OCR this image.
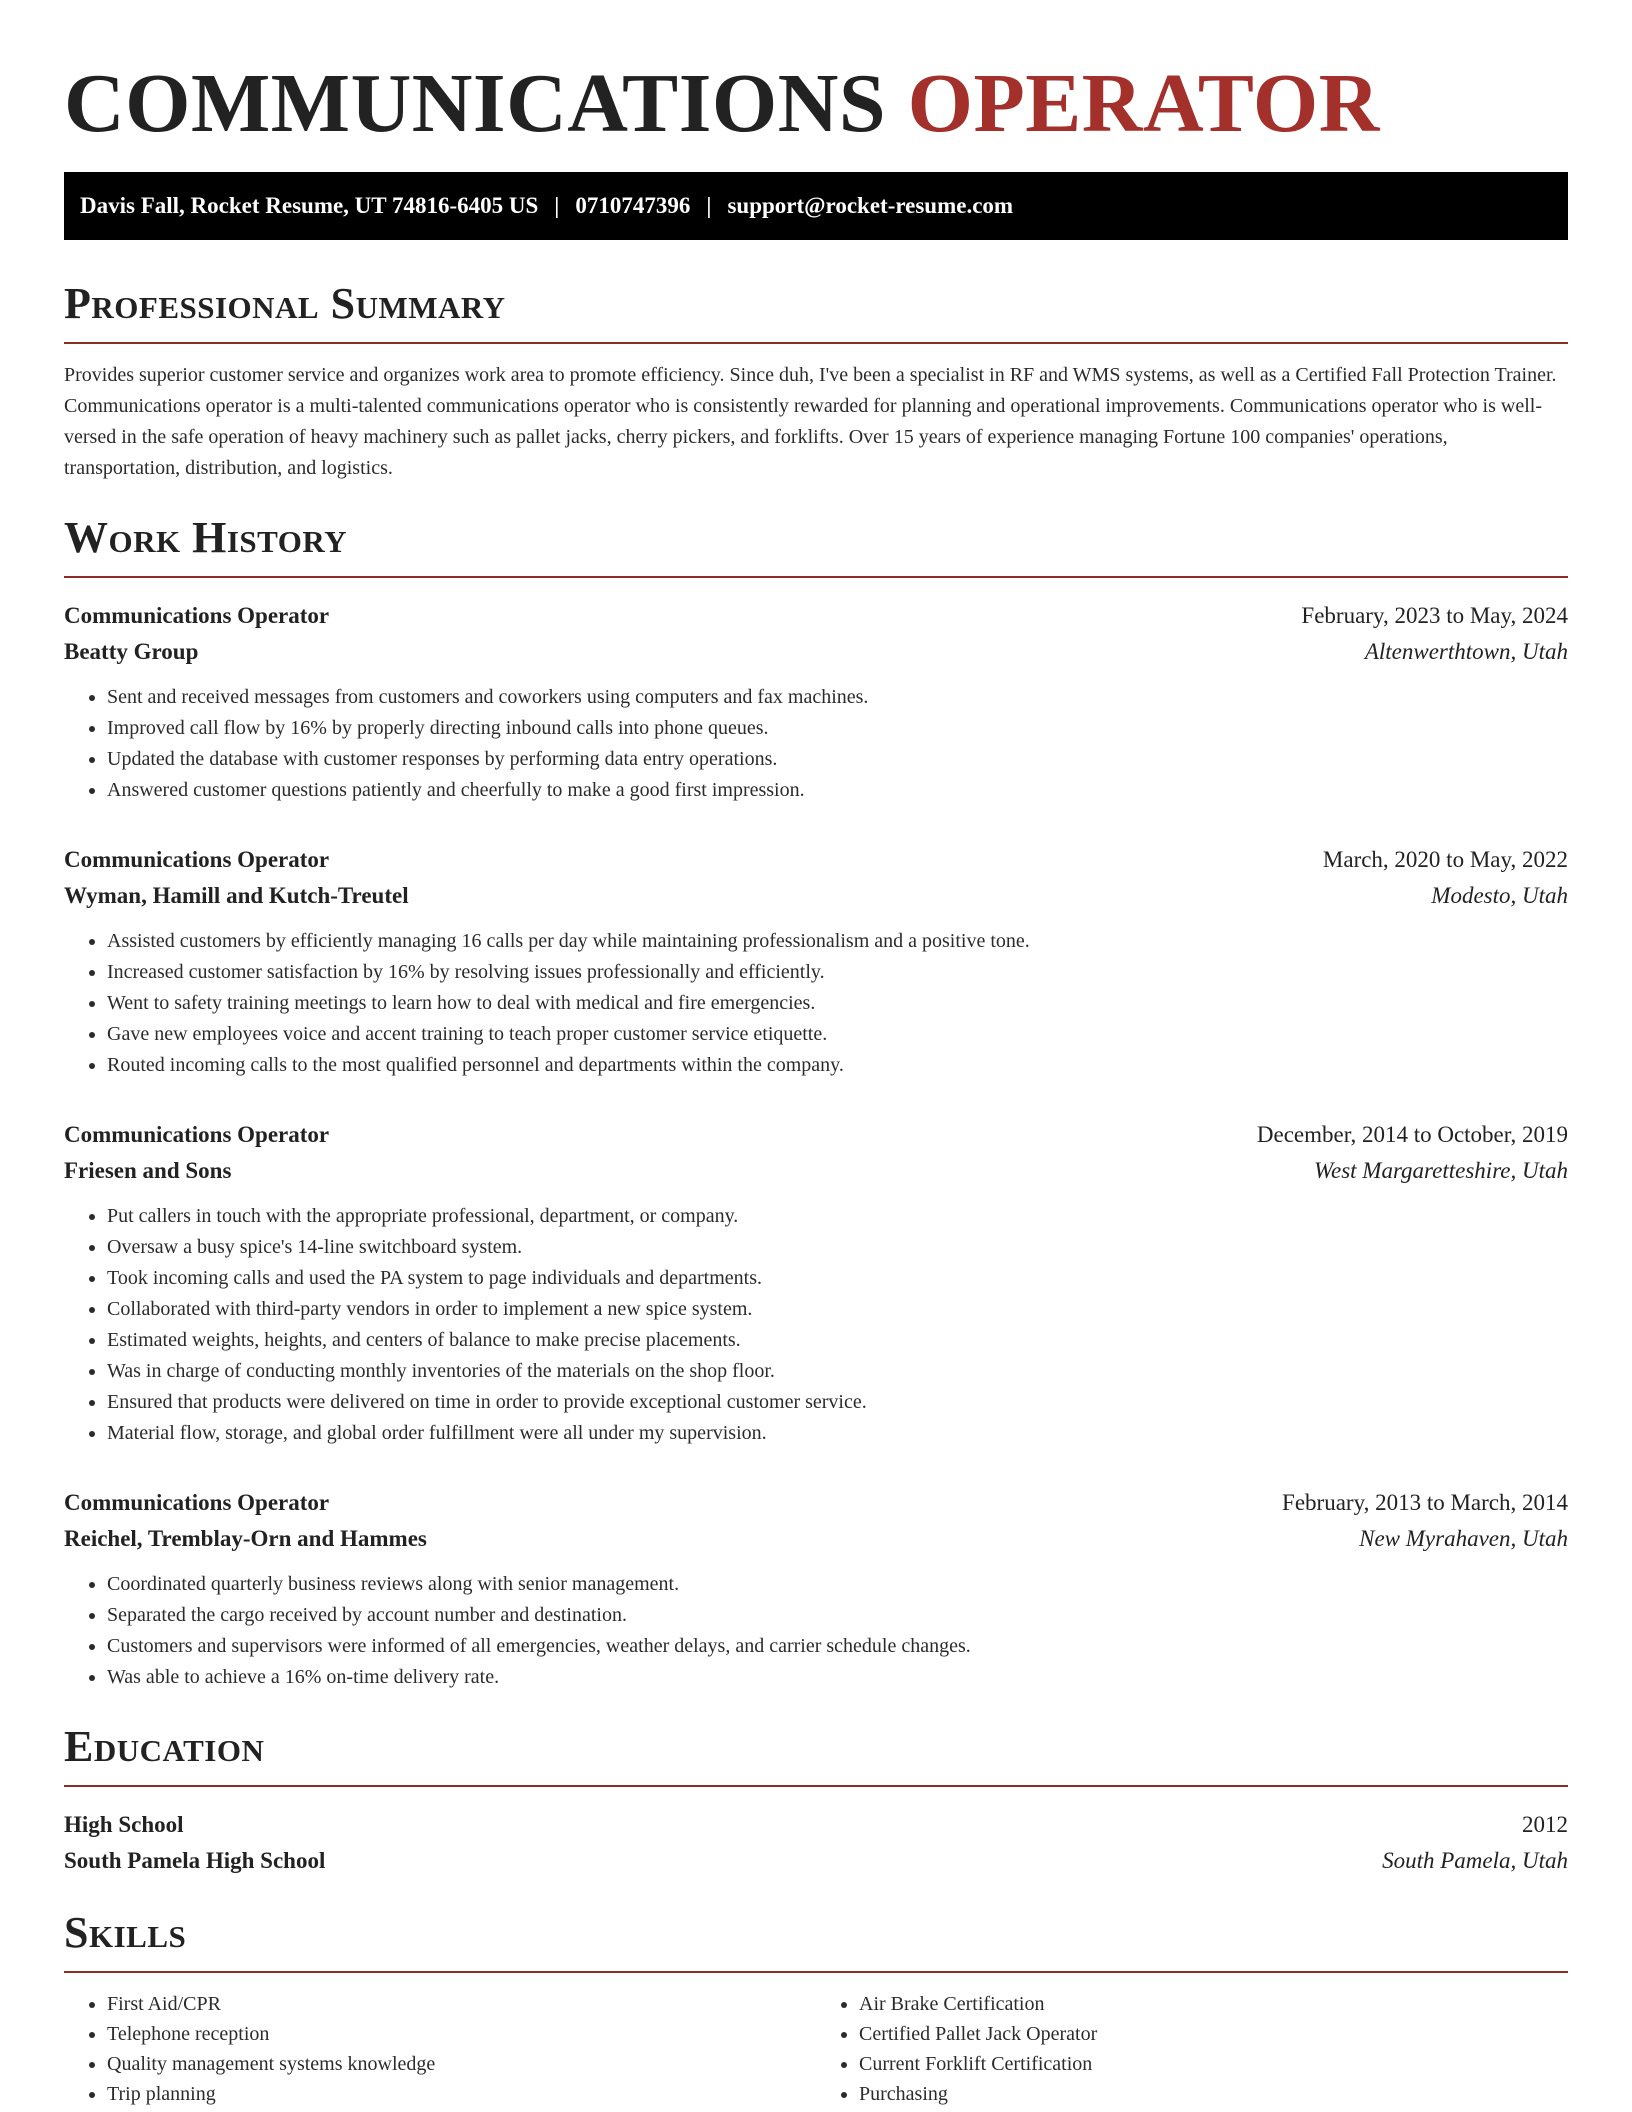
COMMUNICATIONS OPERATOR
Davis Fall, Rocket Resume, UT 74816-6405 US | 0710747396 | support@rocket-resume.com
Professional Summary

Provides superior customer service and organizes work area to promote efficiency. Since duh, I've been a specialist in RF and WMS systems, as well as a Certified Fall Protection Trainer. Communications operator is a multi-talented communications operator who is consistently rewarded for planning and operational improvements. Communications operator who is well-versed in the safe operation of heavy machinery such as pallet jacks, cherry pickers, and forklifts. Over 15 years of experience managing Fortune 100 companies' operations, transportation, distribution, and logistics.

Work History
Communications Operator	February, 2023 to May, 2024
Beatty Group	Altenwerthtown, Utah
• Sent and received messages from customers and coworkers using computers and fax machines.
• Improved call flow by 16% by properly directing inbound calls into phone queues.
• Updated the database with customer responses by performing data entry operations.
• Answered customer questions patiently and cheerfully to make a good first impression.
Communications Operator	March, 2020 to May, 2022
Wyman, Hamill and Kutch-Treutel	Modesto, Utah
• Assisted customers by efficiently managing 16 calls per day while maintaining professionalism and a positive tone.
• Increased customer satisfaction by 16% by resolving issues professionally and efficiently.
• Went to safety training meetings to learn how to deal with medical and fire emergencies.
• Gave new employees voice and accent training to teach proper customer service etiquette.
• Routed incoming calls to the most qualified personnel and departments within the company.
Communications Operator	December, 2014 to October, 2019
Friesen and Sons	West Margaretteshire, Utah
• Put callers in touch with the appropriate professional, department, or company.
• Oversaw a busy spice's 14-line switchboard system.
• Took incoming calls and used the PA system to page individuals and departments.
• Collaborated with third-party vendors in order to implement a new spice system.
• Estimated weights, heights, and centers of balance to make precise placements.
• Was in charge of conducting monthly inventories of the materials on the shop floor.
• Ensured that products were delivered on time in order to provide exceptional customer service.
• Material flow, storage, and global order fulfillment were all under my supervision.
Communications Operator	February, 2013 to March, 2014
Reichel, Tremblay-Orn and Hammes	New Myrahaven, Utah
• Coordinated quarterly business reviews along with senior management.
• Separated the cargo received by account number and destination.
• Customers and supervisors were informed of all emergencies, weather delays, and carrier schedule changes.
• Was able to achieve a 16% on-time delivery rate.
Education
High School	2012
South Pamela High School	South Pamela, Utah
Skills
• First Aid/CPR
• Telephone reception
• Quality management systems knowledge
• Trip planning
• Air Brake Certification
• Certified Pallet Jack Operator
• Current Forklift Certification
• Purchasing
